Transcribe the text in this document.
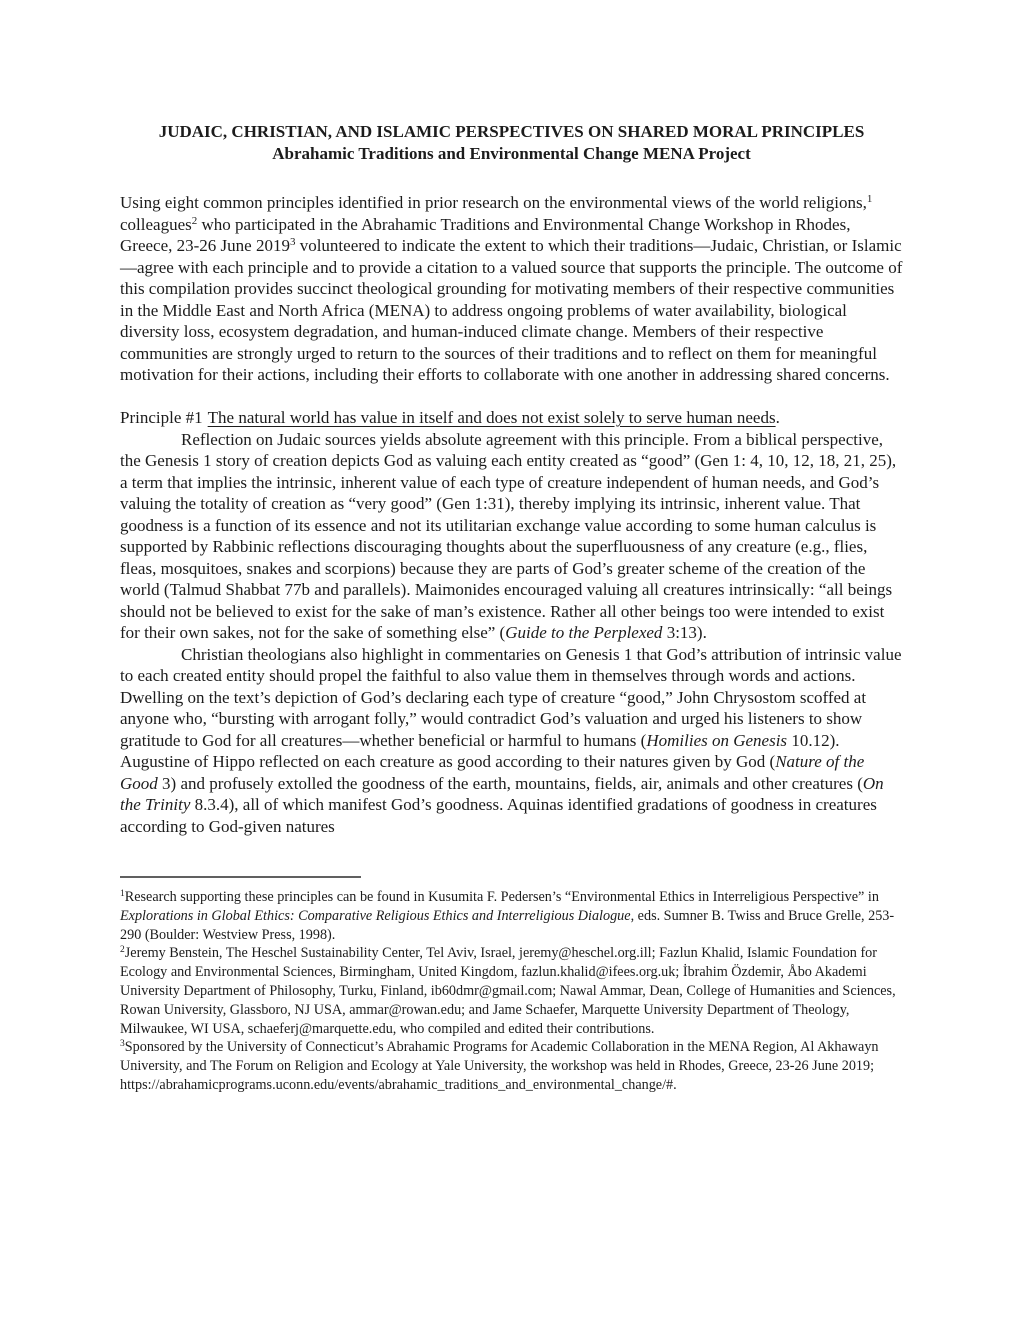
JUDAIC, CHRISTIAN, AND ISLAMIC PERSPECTIVES ON SHARED MORAL PRINCIPLES

Abrahamic Traditions and Environmental Change MENA Project

Using eight common principles identified in prior research on the environmental views of the world religions,$^1$ colleagues$^2$ who participated in the Abrahamic Traditions and Environmental Change Workshop in Rhodes, Greece, 23-26 June 2019$^3$ volunteered to indicate the extent to which their traditions—Judaic, Christian, or Islamic—agree with each principle and to provide a citation to a valued source that supports the principle. The outcome of this compilation provides succinct theological grounding for motivating members of their respective communities in the Middle East and North Africa (MENA) to address ongoing problems of water availability, biological diversity loss, ecosystem degradation, and human-induced climate change. Members of their respective communities are strongly urged to return to the sources of their traditions and to reflect on them for meaningful motivation for their actions, including their efforts to collaborate with one another in addressing shared concerns.

Principle #1 The natural world has value in itself and does not exist solely to serve human needs.

Reflection on Judaic sources yields absolute agreement with this principle. From a biblical perspective, the Genesis 1 story of creation depicts God as valuing each entity created as “good” (Gen 1: 4, 10, 12, 18, 21, 25), a term that implies the intrinsic, inherent value of each type of creature independent of human needs, and God’s valuing the totality of creation as “very good” (Gen 1:31), thereby implying its intrinsic, inherent value. That goodness is a function of its essence and not its utilitarian exchange value according to some human calculus is supported by Rabbinic reflections discouraging thoughts about the superfluousness of any creature (e.g., flies, fleas, mosquitoes, snakes and scorpions) because they are parts of God’s greater scheme of the creation of the world (Talmud Shabbat 77b and parallels). Maimonides encouraged valuing all creatures intrinsically: “all beings should not be believed to exist for the sake of man’s existence. Rather all other beings too were intended to exist for their own sakes, not for the sake of something else” (Guide to the Perplexed 3:13).

Christian theologians also highlight in commentaries on Genesis 1 that God’s attribution of intrinsic value to each created entity should propel the faithful to also value them in themselves through words and actions. Dwelling on the text’s depiction of God’s declaring each type of creature “good,” John Chrysostom scoffed at anyone who, “bursting with arrogant folly,” would contradict God’s valuation and urged his listeners to show gratitude to God for all creatures—whether beneficial or harmful to humans (Homilies on Genesis 10.12). Augustine of Hippo reflected on each creature as good according to their natures given by God (Nature of the Good 3) and profusely extolled the goodness of the earth, mountains, fields, air, animals and other creatures (On the Trinity 8.3.4), all of which manifest God’s goodness. Aquinas identified gradations of goodness in creatures according to God-given natures

$^1$Research supporting these principles can be found in Kusumita F. Pedersen’s “Environmental Ethics in Interreligious Perspective” in Explorations in Global Ethics: Comparative Religious Ethics and Interreligious Dialogue, eds. Sumner B. Twiss and Bruce Grelle, 253-290 (Boulder: Westview Press, 1998).

$^2$Jeremy Benstein, The Heschel Sustainability Center, Tel Aviv, Israel, jeremy@heschel.org.ill; Fazlun Khalid, Islamic Foundation for Ecology and Environmental Sciences, Birmingham, United Kingdom, fazlun.khalid@ifees.org.uk; İbrahim Özdemir, Åbo Akademi University Department of Philosophy, Turku, Finland, ib60dmr@gmail.com; Nawal Ammar, Dean, College of Humanities and Sciences, Rowan University, Glassboro, NJ USA, ammar@rowan.edu; and Jame Schaefer, Marquette University Department of Theology, Milwaukee, WI USA, schaeferj@marquette.edu, who compiled and edited their contributions.

$^3$Sponsored by the University of Connecticut’s Abrahamic Programs for Academic Collaboration in the MENA Region, Al Akhawayn University, and The Forum on Religion and Ecology at Yale University, the workshop was held in Rhodes, Greece, 23-26 June 2019; https://abrahamicprograms.uconn.edu/events/abrahamic_traditions_and_environmental_change/#.
